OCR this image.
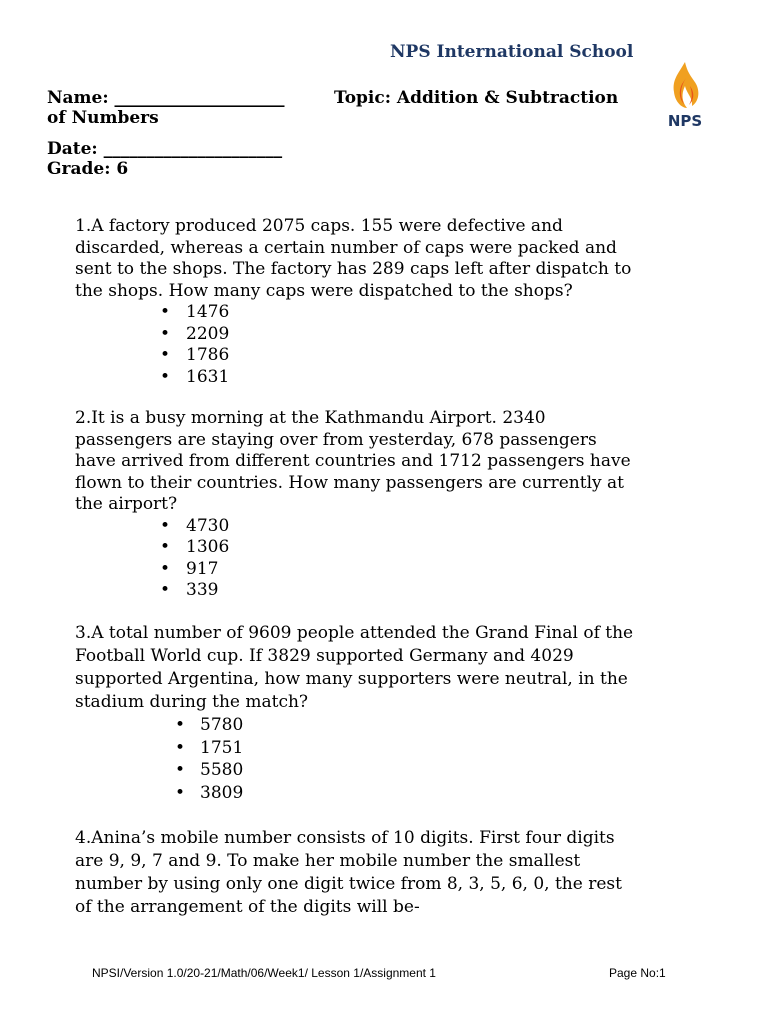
NPS International School
NPS
Name: ____________________	Topic: Addition & Subtraction
of Numbers
Date: _____________________
Grade: 6

1.A factory produced 2075 caps. 155 were defective and

discarded, whereas a certain number of caps were packed and

sent to the shops. The factory has 289 caps left after dispatch to

the shops. How many caps were dispatched to the shops?

• 1476
• 2209
• 1786
• 1631

2.It is a busy morning at the Kathmandu Airport. 2340

passengers are staying over from yesterday, 678 passengers

have arrived from different countries and 1712 passengers have

flown to their countries. How many passengers are currently at

the airport?

• 4730
• 1306
• 917
• 339

3.A total number of 9609 people attended the Grand Final of the

Football World cup. If 3829 supported Germany and 4029

supported Argentina, how many supporters were neutral, in the

stadium during the match?

• 5780
• 1751
• 5580
• 3809

4.Anina’s mobile number consists of 10 digits. First four digits

are 9, 9, 7 and 9. To make her mobile number the smallest

number by using only one digit twice from 8, 3, 5, 6, 0, the rest

of the arrangement of the digits will be-

NPSI/Version 1.0/20-21/Math/06/Week1/ Lesson 1/Assignment 1	Page No:1
